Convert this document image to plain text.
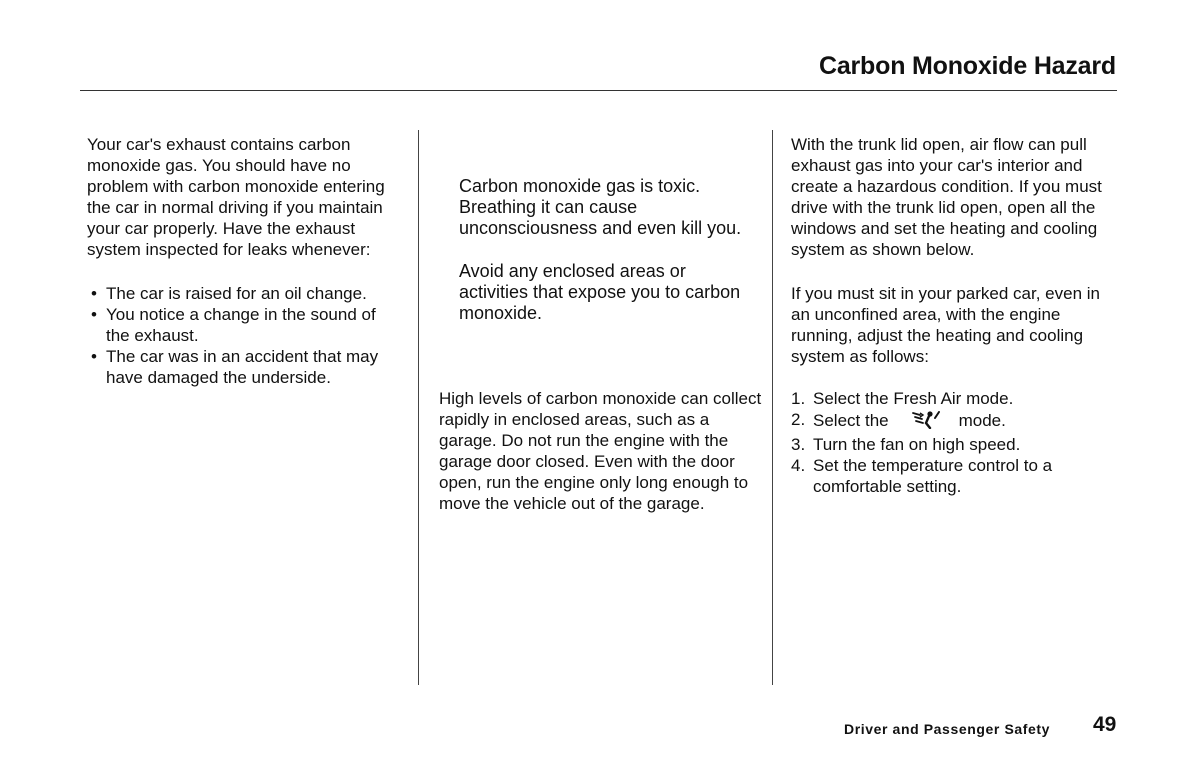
Carbon Monoxide Hazard

Your car's exhaust contains carbon monoxide gas. You should have no problem with carbon monoxide entering the car in normal driving if you maintain your car properly. Have the exhaust system inspected for leaks whenever:

• The car is raised for an oil change.
• You notice a change in the sound of the exhaust.
• The car was in an accident that may have damaged the underside.

Carbon monoxide gas is toxic. Breathing it can cause unconsciousness and even kill you.

Avoid any enclosed areas or activities that expose you to carbon monoxide.

High levels of carbon monoxide can collect rapidly in enclosed areas, such as a garage. Do not run the engine with the garage door closed. Even with the door open, run the engine only long enough to move the vehicle out of the garage.

With the trunk lid open, air flow can pull exhaust gas into your car's interior and create a hazardous condition. If you must drive with the trunk lid open, open all the windows and set the heating and cooling system as shown below.

If you must sit in your parked car, even in an unconfined area, with the engine running, adjust the heating and cooling system as follows:

1. Select the Fresh Air mode.
2. Select the	mode.
3. Turn the fan on high speed.
4. Set the temperature control to a comfortable setting.
Driver and Passenger Safety 49
